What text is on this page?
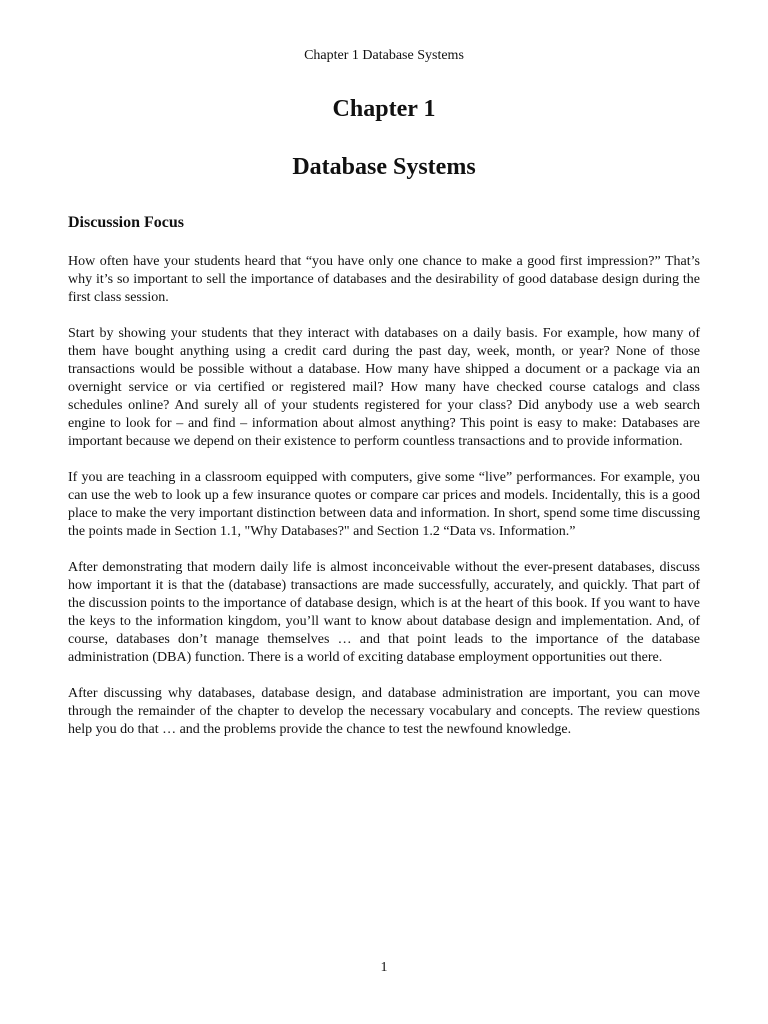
Chapter 1 Database Systems
Chapter 1
Database Systems
Discussion Focus

How often have your students heard that “you have only one chance to make a good first impression?” That’s why it’s so important to sell the importance of databases and the desirability of good database design during the first class session.

Start by showing your students that they interact with databases on a daily basis. For example, how many of them have bought anything using a credit card during the past day, week, month, or year? None of those transactions would be possible without a database. How many have shipped a document or a package via an overnight service or via certified or registered mail? How many have checked course catalogs and class schedules online? And surely all of your students registered for your class? Did anybody use a web search engine to look for – and find – information about almost anything? This point is easy to make: Databases are important because we depend on their existence to perform countless transactions and to provide information.

If you are teaching in a classroom equipped with computers, give some “live” performances. For example, you can use the web to look up a few insurance quotes or compare car prices and models. Incidentally, this is a good place to make the very important distinction between data and information. In short, spend some time discussing the points made in Section 1.1, "Why Databases?" and Section 1.2 “Data vs. Information.”

After demonstrating that modern daily life is almost inconceivable without the ever-present databases, discuss how important it is that the (database) transactions are made successfully, accurately, and quickly. That part of the discussion points to the importance of database design, which is at the heart of this book. If you want to have the keys to the information kingdom, you’ll want to know about database design and implementation. And, of course, databases don’t manage themselves … and that point leads to the importance of the database administration (DBA) function. There is a world of exciting database employment opportunities out there.

After discussing why databases, database design, and database administration are important, you can move through the remainder of the chapter to develop the necessary vocabulary and concepts. The review questions help you do that … and the problems provide the chance to test the newfound knowledge.

1
